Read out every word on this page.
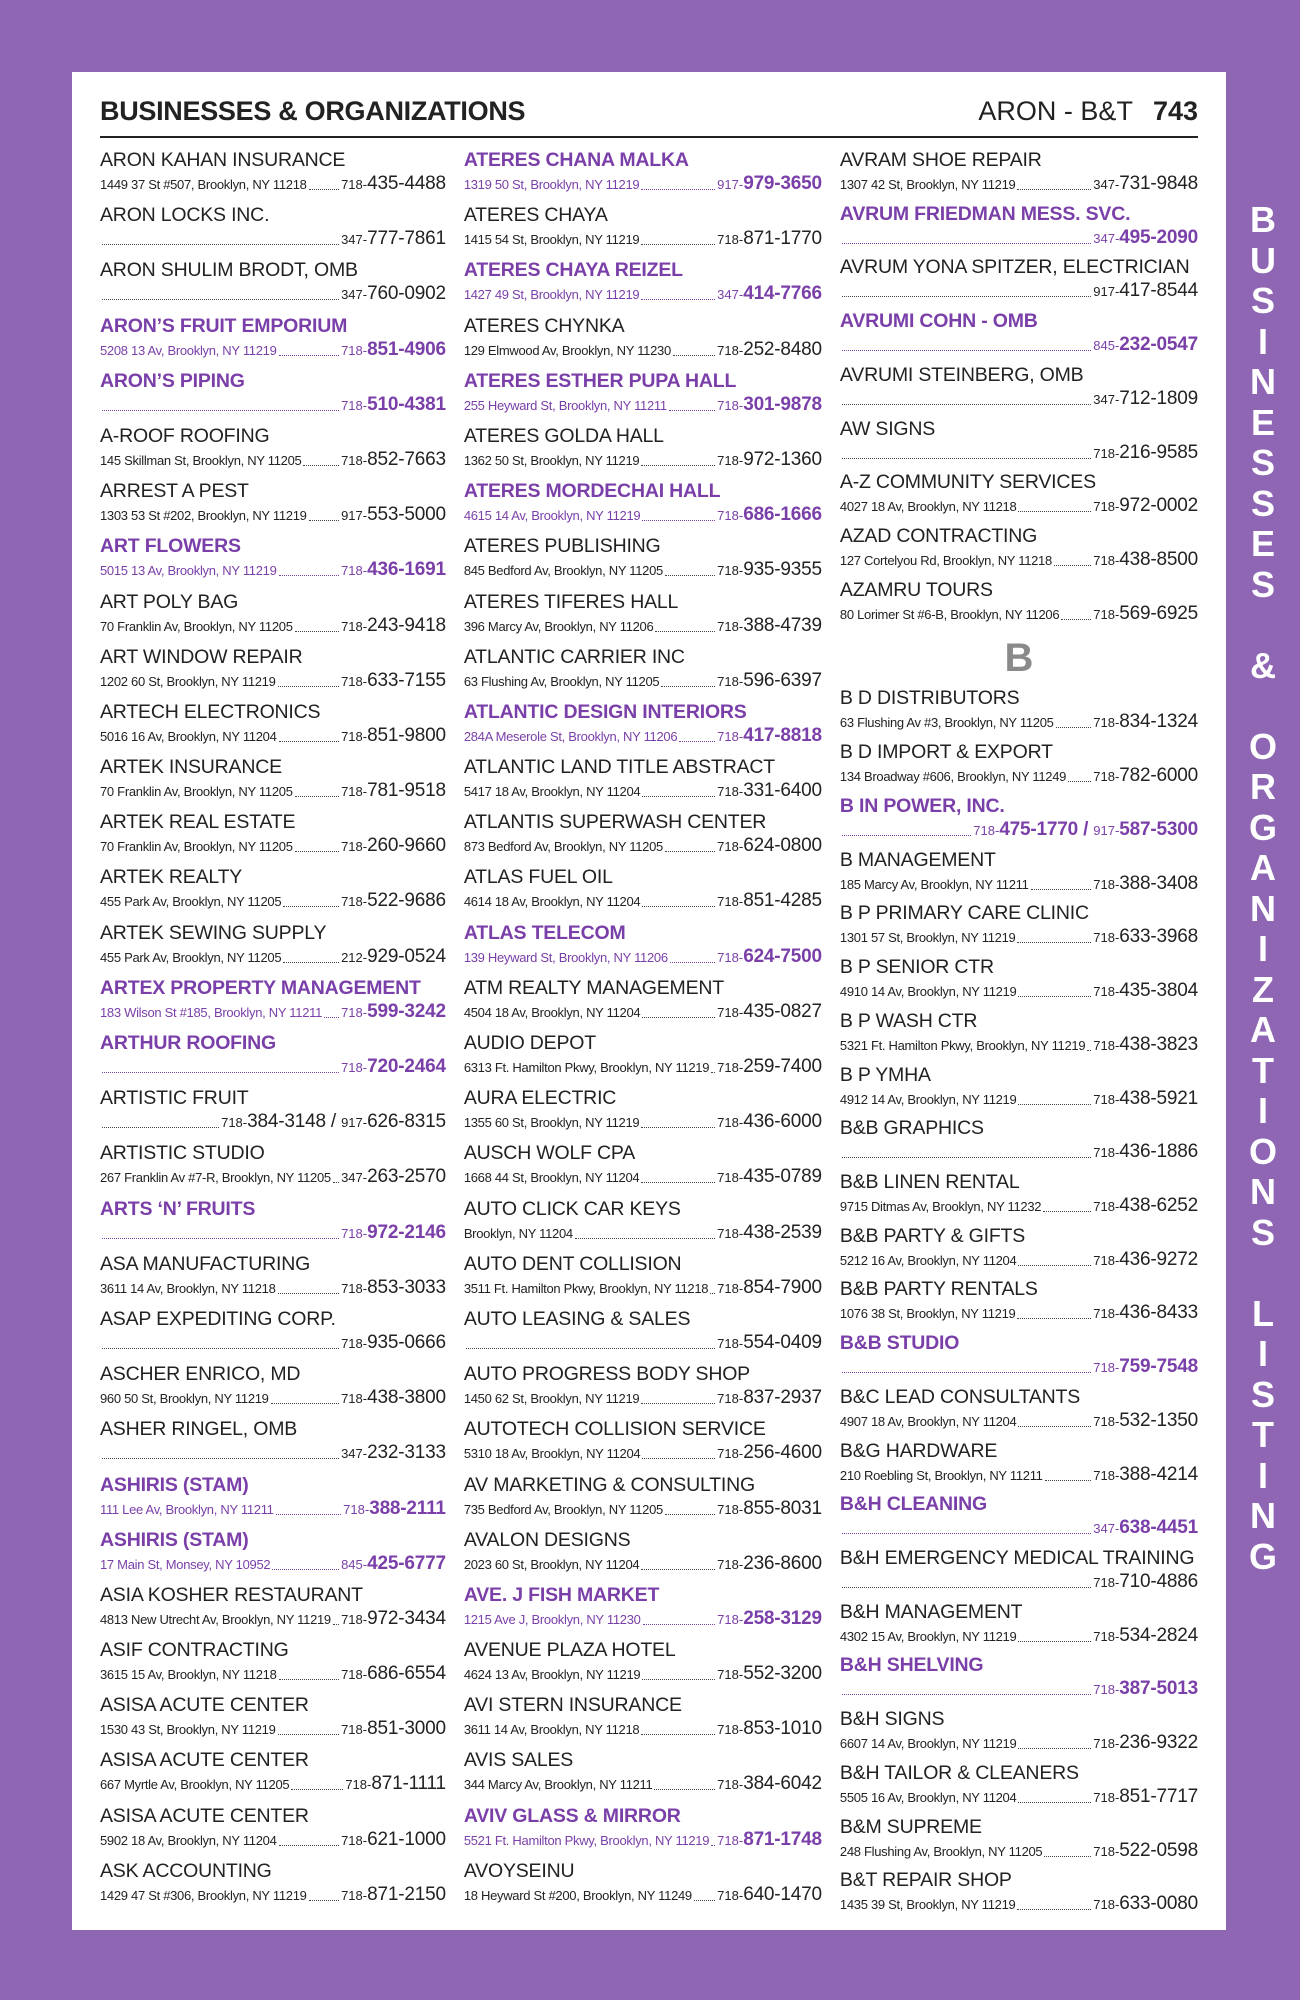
BUSINESSES & ORGANIZATIONS	ARON - B&T 743
ARON KAHAN INSURANCE
1449 37 St #507, Brooklyn, NY 11218	718-435-4488
ARON LOCKS INC.
347-777-7861
ARON SHULIM BRODT, OMB
347-760-0902
ARON’S FRUIT EMPORIUM
5208 13 Av, Brooklyn, NY 11219	718-851-4906
ARON’S PIPING
718-510-4381
A-ROOF ROOFING
145 Skillman St, Brooklyn, NY 11205	718-852-7663
ARREST A PEST
1303 53 St #202, Brooklyn, NY 11219	917-553-5000
ART FLOWERS
5015 13 Av, Brooklyn, NY 11219	718-436-1691
ART POLY BAG
70 Franklin Av, Brooklyn, NY 11205	718-243-9418
ART WINDOW REPAIR
1202 60 St, Brooklyn, NY 11219	718-633-7155
ARTECH ELECTRONICS
5016 16 Av, Brooklyn, NY 11204	718-851-9800
ARTEK INSURANCE
70 Franklin Av, Brooklyn, NY 11205	718-781-9518
ARTEK REAL ESTATE
70 Franklin Av, Brooklyn, NY 11205	718-260-9660
ARTEK REALTY
455 Park Av, Brooklyn, NY 11205	718-522-9686
ARTEK SEWING SUPPLY
455 Park Av, Brooklyn, NY 11205	212-929-0524
ARTEX PROPERTY MANAGEMENT
183 Wilson St #185, Brooklyn, NY 11211 718-599-3242
ARTHUR ROOFING
718-720-2464
ARTISTIC FRUIT
718-384-3148 / 917-626-8315
ARTISTIC STUDIO
267 Franklin Av #7-R, Brooklyn, NY 11205 347-263-2570
ARTS ‘N’ FRUITS
718-972-2146
ASA MANUFACTURING
3611 14 Av, Brooklyn, NY 11218	718-853-3033
ASAP EXPEDITING CORP.
718-935-0666
ASCHER ENRICO, MD
960 50 St, Brooklyn, NY 11219	718-438-3800
ASHER RINGEL, OMB
347-232-3133
ASHIRIS (STAM)
111 Lee Av, Brooklyn, NY 11211	718-388-2111
ASHIRIS (STAM)
17 Main St, Monsey, NY 10952	845-425-6777
ASIA KOSHER RESTAURANT
4813 New Utrecht Av, Brooklyn, NY 11219 718-972-3434
ASIF CONTRACTING
3615 15 Av, Brooklyn, NY 11218	718-686-6554
ASISA ACUTE CENTER
1530 43 St, Brooklyn, NY 11219	718-851-3000
ASISA ACUTE CENTER
667 Myrtle Av, Brooklyn, NY 11205	718-871-1111
ASISA ACUTE CENTER
5902 18 Av, Brooklyn, NY 11204	718-621-1000
ASK ACCOUNTING
1429 47 St #306, Brooklyn, NY 11219	718-871-2150
ATERES CHANA MALKA
1319 50 St, Brooklyn, NY 11219	917-979-3650
ATERES CHAYA
1415 54 St, Brooklyn, NY 11219	718-871-1770
ATERES CHAYA REIZEL
1427 49 St, Brooklyn, NY 11219	347-414-7766
ATERES CHYNKA
129 Elmwood Av, Brooklyn, NY 11230	718-252-8480
ATERES ESTHER PUPA HALL
255 Heyward St, Brooklyn, NY 11211	718-301-9878
ATERES GOLDA HALL
1362 50 St, Brooklyn, NY 11219	718-972-1360
ATERES MORDECHAI HALL
4615 14 Av, Brooklyn, NY 11219	718-686-1666
ATERES PUBLISHING
845 Bedford Av, Brooklyn, NY 11205	718-935-9355
ATERES TIFERES HALL
396 Marcy Av, Brooklyn, NY 11206	718-388-4739
ATLANTIC CARRIER INC
63 Flushing Av, Brooklyn, NY 11205	718-596-6397
ATLANTIC DESIGN INTERIORS
284A Meserole St, Brooklyn, NY 11206	718-417-8818
ATLANTIC LAND TITLE ABSTRACT
5417 18 Av, Brooklyn, NY 11204	718-331-6400
ATLANTIS SUPERWASH CENTER
873 Bedford Av, Brooklyn, NY 11205	718-624-0800
ATLAS FUEL OIL
4614 18 Av, Brooklyn, NY 11204	718-851-4285
ATLAS TELECOM
139 Heyward St, Brooklyn, NY 11206	718-624-7500
ATM REALTY MANAGEMENT
4504 18 Av, Brooklyn, NY 11204	718-435-0827
AUDIO DEPOT
6313 Ft. Hamilton Pkwy, Brooklyn, NY 11219 718-259-7400
AURA ELECTRIC
1355 60 St, Brooklyn, NY 11219	718-436-6000
AUSCH WOLF CPA
1668 44 St, Brooklyn, NY 11204	718-435-0789
AUTO CLICK CAR KEYS
Brooklyn, NY 11204	718-438-2539
AUTO DENT COLLISION
3511 Ft. Hamilton Pkwy, Brooklyn, NY 11218 718-854-7900
AUTO LEASING & SALES
718-554-0409
AUTO PROGRESS BODY SHOP
1450 62 St, Brooklyn, NY 11219	718-837-2937
AUTOTECH COLLISION SERVICE
5310 18 Av, Brooklyn, NY 11204	718-256-4600
AV MARKETING & CONSULTING
735 Bedford Av, Brooklyn, NY 11205	718-855-8031
AVALON DESIGNS
2023 60 St, Brooklyn, NY 11204	718-236-8600
AVE. J FISH MARKET
1215 Ave J, Brooklyn, NY 11230	718-258-3129
AVENUE PLAZA HOTEL
4624 13 Av, Brooklyn, NY 11219	718-552-3200
AVI STERN INSURANCE
3611 14 Av, Brooklyn, NY 11218	718-853-1010
AVIS SALES
344 Marcy Av, Brooklyn, NY 11211	718-384-6042
AVIV GLASS & MIRROR
5521 Ft. Hamilton Pkwy, Brooklyn, NY 11219 718-871-1748
AVOYSEINU
18 Heyward St #200, Brooklyn, NY 11249 718-640-1470
AVRAM SHOE REPAIR
1307 42 St, Brooklyn, NY 11219	347-731-9848
AVRUM FRIEDMAN MESS. SVC.
347-495-2090
AVRUM YONA SPITZER, ELECTRICIAN
917-417-8544
AVRUMI COHN - OMB
845-232-0547
AVRUMI STEINBERG, OMB
347-712-1809
AW SIGNS
718-216-9585
A-Z COMMUNITY SERVICES
4027 18 Av, Brooklyn, NY 11218	718-972-0002
AZAD CONTRACTING
127 Cortelyou Rd, Brooklyn, NY 11218	718-438-8500
AZAMRU TOURS
80 Lorimer St #6-B, Brooklyn, NY 11206	718-569-6925
B
B D DISTRIBUTORS
63 Flushing Av #3, Brooklyn, NY 11205	718-834-1324
B D IMPORT & EXPORT
134 Broadway #606, Brooklyn, NY 11249 718-782-6000
B IN POWER, INC.
718-475-1770 / 917-587-5300
B MANAGEMENT
185 Marcy Av, Brooklyn, NY 11211	718-388-3408
B P PRIMARY CARE CLINIC
1301 57 St, Brooklyn, NY 11219	718-633-3968
B P SENIOR CTR
4910 14 Av, Brooklyn, NY 11219	718-435-3804
B P WASH CTR
5321 Ft. Hamilton Pkwy, Brooklyn, NY 11219 718-438-3823
B P YMHA
4912 14 Av, Brooklyn, NY 11219	718-438-5921
B&B GRAPHICS
718-436-1886
B&B LINEN RENTAL
9715 Ditmas Av, Brooklyn, NY 11232	718-438-6252
B&B PARTY & GIFTS
5212 16 Av, Brooklyn, NY 11204	718-436-9272
B&B PARTY RENTALS
1076 38 St, Brooklyn, NY 11219	718-436-8433
B&B STUDIO
718-759-7548
B&C LEAD CONSULTANTS
4907 18 Av, Brooklyn, NY 11204	718-532-1350
B&G HARDWARE
210 Roebling St, Brooklyn, NY 11211	718-388-4214
B&H CLEANING
347-638-4451
B&H EMERGENCY MEDICAL TRAINING
718-710-4886
B&H MANAGEMENT
4302 15 Av, Brooklyn, NY 11219	718-534-2824
B&H SHELVING
718-387-5013
B&H SIGNS
6607 14 Av, Brooklyn, NY 11219	718-236-9322
B&H TAILOR & CLEANERS
5505 16 Av, Brooklyn, NY 11204	718-851-7717
B&M SUPREME
248 Flushing Av, Brooklyn, NY 11205	718-522-0598
B&T REPAIR SHOP
1435 39 St, Brooklyn, NY 11219	718-633-0080
B
U
S
I
N
E
S
S
E
S

&

O
R
G
A
N
I
Z
A
T
I
O
N
S

L
I
S
T
I
N
G
